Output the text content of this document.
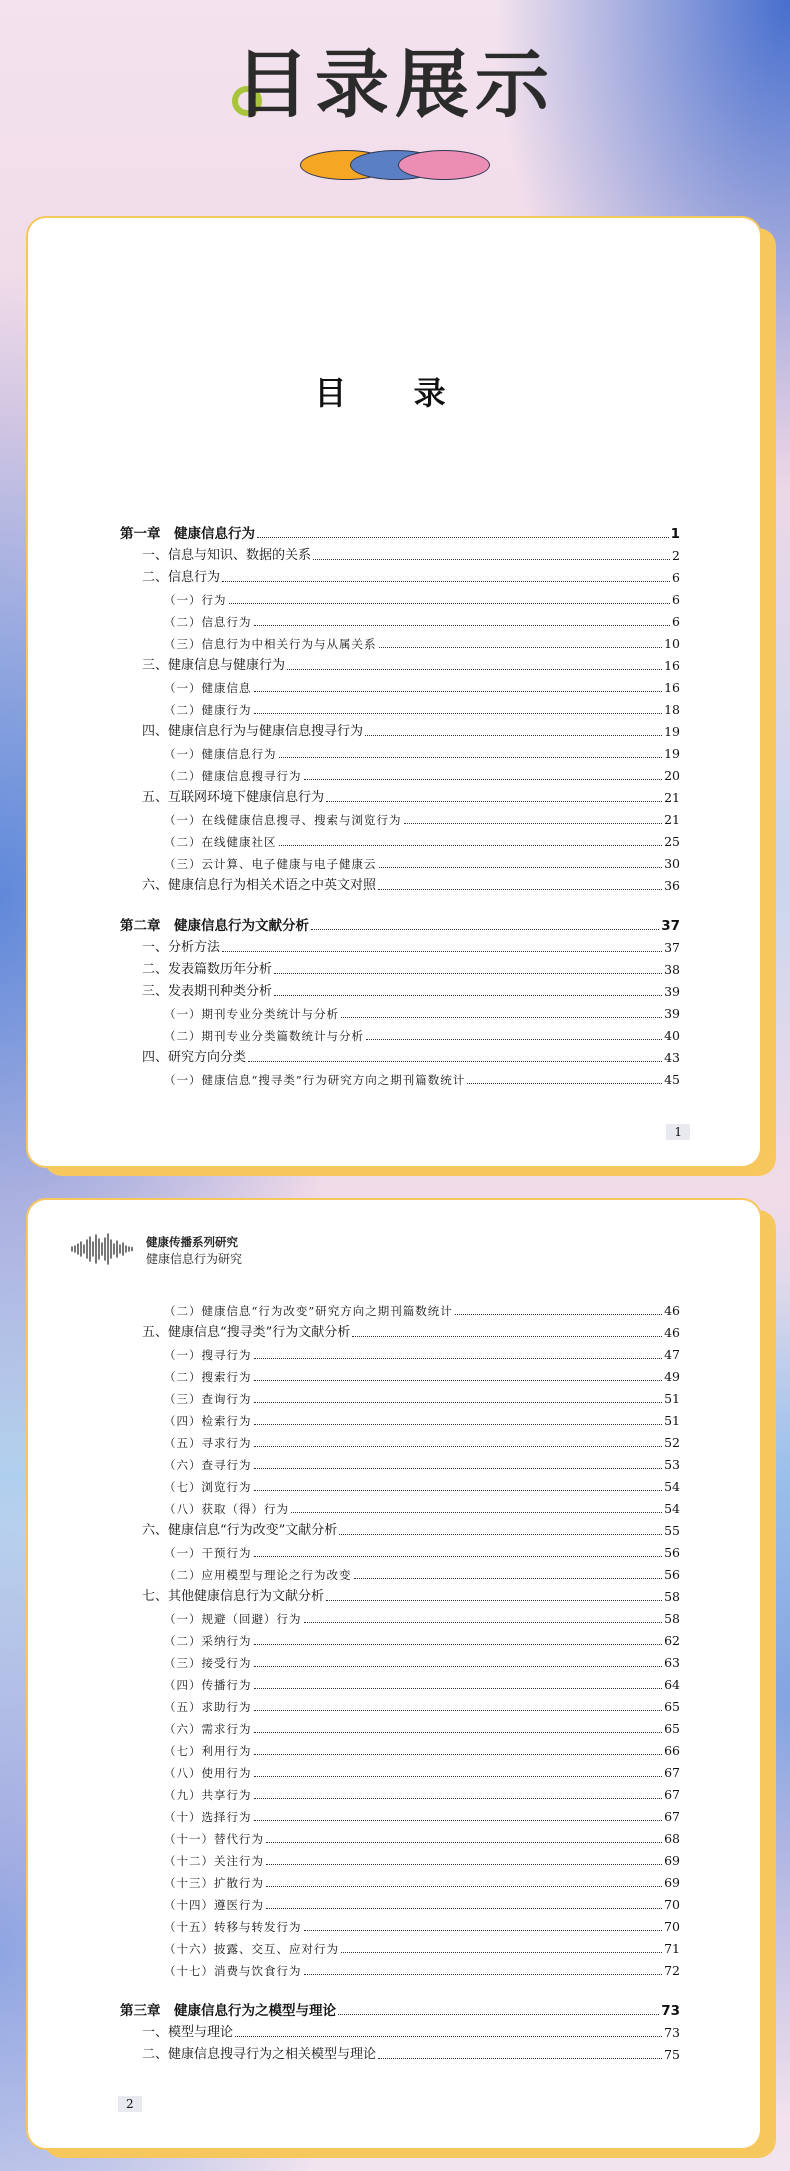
目录展示
目 录
第一章　健康信息行为	1
一、信息与知识、数据的关系	2
二、信息行为	6
（一）行为	6
（二）信息行为	6
（三）信息行为中相关行为与从属关系	10
三、健康信息与健康行为	16
（一）健康信息	16
（二）健康行为	18
四、健康信息行为与健康信息搜寻行为	19
（一）健康信息行为	19
（二）健康信息搜寻行为	20
五、互联网环境下健康信息行为	21
（一）在线健康信息搜寻、搜索与浏览行为	21
（二）在线健康社区	25
（三）云计算、电子健康与电子健康云	30
六、健康信息行为相关术语之中英文对照	36
第二章　健康信息行为文献分析	37
一、分析方法	37
二、发表篇数历年分析	38
三、发表期刊种类分析	39
（一）期刊专业分类统计与分析	39
（二）期刊专业分类篇数统计与分析	40
四、研究方向分类	43
（一）健康信息“搜寻类”行为研究方向之期刊篇数统计	45
1
健康传播系列研究
健康信息行为研究
（二）健康信息“行为改变”研究方向之期刊篇数统计	46
五、健康信息“搜寻类”行为文献分析	46
（一）搜寻行为	47
（二）搜索行为	49
（三）查询行为	51
（四）检索行为	51
（五）寻求行为	52
（六）查寻行为	53
（七）浏览行为	54
（八）获取（得）行为	54
六、健康信息“行为改变”文献分析	55
（一）干预行为	56
（二）应用模型与理论之行为改变	56
七、其他健康信息行为文献分析	58
（一）规避（回避）行为	58
（二）采纳行为	62
（三）接受行为	63
（四）传播行为	64
（五）求助行为	65
（六）需求行为	65
（七）利用行为	66
（八）使用行为	67
（九）共享行为	67
（十）选择行为	67
（十一）替代行为	68
（十二）关注行为	69
（十三）扩散行为	69
（十四）遵医行为	70
（十五）转移与转发行为	70
（十六）披露、交互、应对行为	71
（十七）消费与饮食行为	72
第三章　健康信息行为之模型与理论	73
一、模型与理论	73
二、健康信息搜寻行为之相关模型与理论	75
2
